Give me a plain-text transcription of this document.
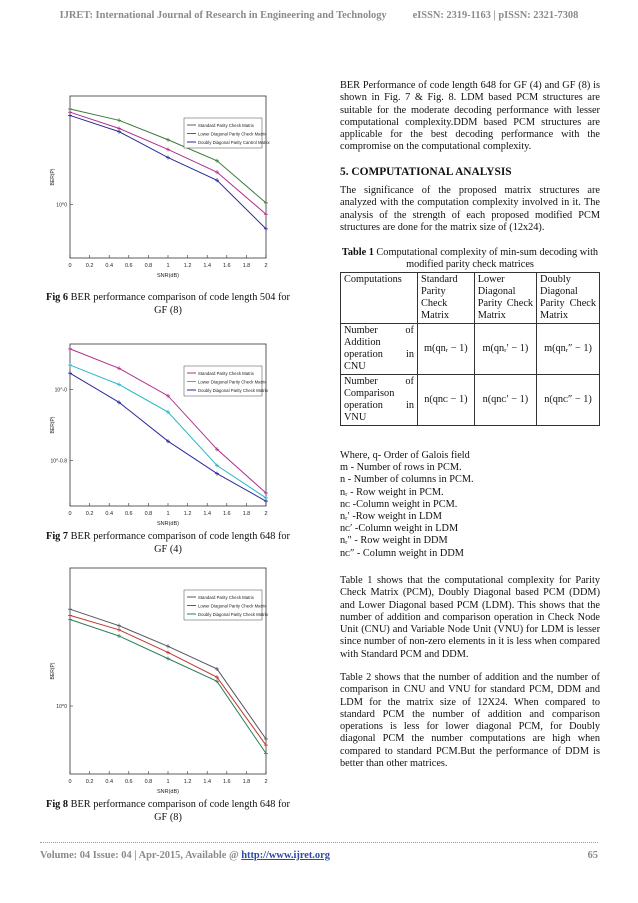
IJRET: International Journal of Research in Engineering and Technology	eISSN: 2319-1163 | pISSN: 2321-7308
0	0.2 0.4 0.6 0.8	1	1.2 1.4 1.6 1.8	2
SNR(dB)
BER(P)
10^0
Standard Parity Check Matrix
Lower Diagonal Parity Check Matrix
Doubly Diagonal Parity Cantrol Matrix
Fig 6 BER performance comparison of code length 504 for GF (8)
0	0.2 0.4 0.6 0.8	1	1.2 1.4 1.6 1.8	2
SNR(dB)
BER(P)
10^-0
10^-0.8
Standard Parity Check Matrix
Lower Diagonal Parity Check Matrix
Doubly Diagonal Parity Check Matrix
Fig 7 BER performance comparison of code length 648 for GF (4)
0	0.2 0.4 0.6 0.8	1	1.2 1.4 1.6 1.8	2
SNR(dB)
BER(P)
10^0
Standard Parity Check Matrix
Lower Diagonal Parity Check Matrix
Doubly Diagonal Parity Check Matrix
Fig 8 BER performance comparison of code length 648 for GF (8)
BER Performance of code length 648 for GF (4) and GF (8) is shown in Fig. 7 & Fig. 8. LDM based PCM structures are suitable for the moderate decoding performance with lesser computational complexity.DDM based PCM structures are applicable for the best decoding performance with the compromise on the computational complexity.
5. COMPUTATIONAL ANALYSIS
The significance of the proposed matrix structures are analyzed with the computation complexity involved in it. The analysis of the strength of each proposed modified PCM structures are done for the matrix size of (12x24).
Table 1 Computational complexity of min-sum decoding with modified parity check matrices
Computations	Standard Parity Check Matrix	Lower Diagonal Parity Check Matrix	Doubly Diagonal Parity Check Matrix
Number of Addition operation in CNU	m(qnᵣ − 1)	m(qnᵣ′ − 1)	m(qnᵣ″ − 1)
Number of Comparison operation in VNU	n(qnᴄ − 1)	n(qnᴄ′ − 1)	n(qnᴄ″ − 1)
Where, q- Order of Galois field
m - Number of rows in PCM.
n - Number of columns in PCM.
nᵣ - Row weight in PCM.
nᴄ -Column weight in PCM.
nᵣ′ -Row weight in LDM
nᴄ′ -Column weight in LDM
nᵣ″ - Row weight in DDM
nᴄ″ - Column weight in DDM
Table 1 shows that the computational complexity for Parity Check Matrix (PCM), Doubly Diagonal based PCM (DDM) and Lower Diagonal based PCM (LDM). This shows that the number of addition and comparison operation in Check Node Unit (CNU) and Variable Node Unit (VNU) for LDM is lesser since number of non-zero elements in it is less when compared with Standard PCM and DDM.
Table 2 shows that the number of addition and the number of comparison in CNU and VNU for standard PCM, DDM and LDM for the matrix size of 12X24. When compared to standard PCM the number of addition and comparison operations is less for lower diagonal PCM, for Doubly diagonal PCM the number computations are high when compared to standard PCM.But the performance of DDM is better than other matrices.
Volume: 04 Issue: 04 | Apr-2015, Available @ http://www.ijret.org	65
